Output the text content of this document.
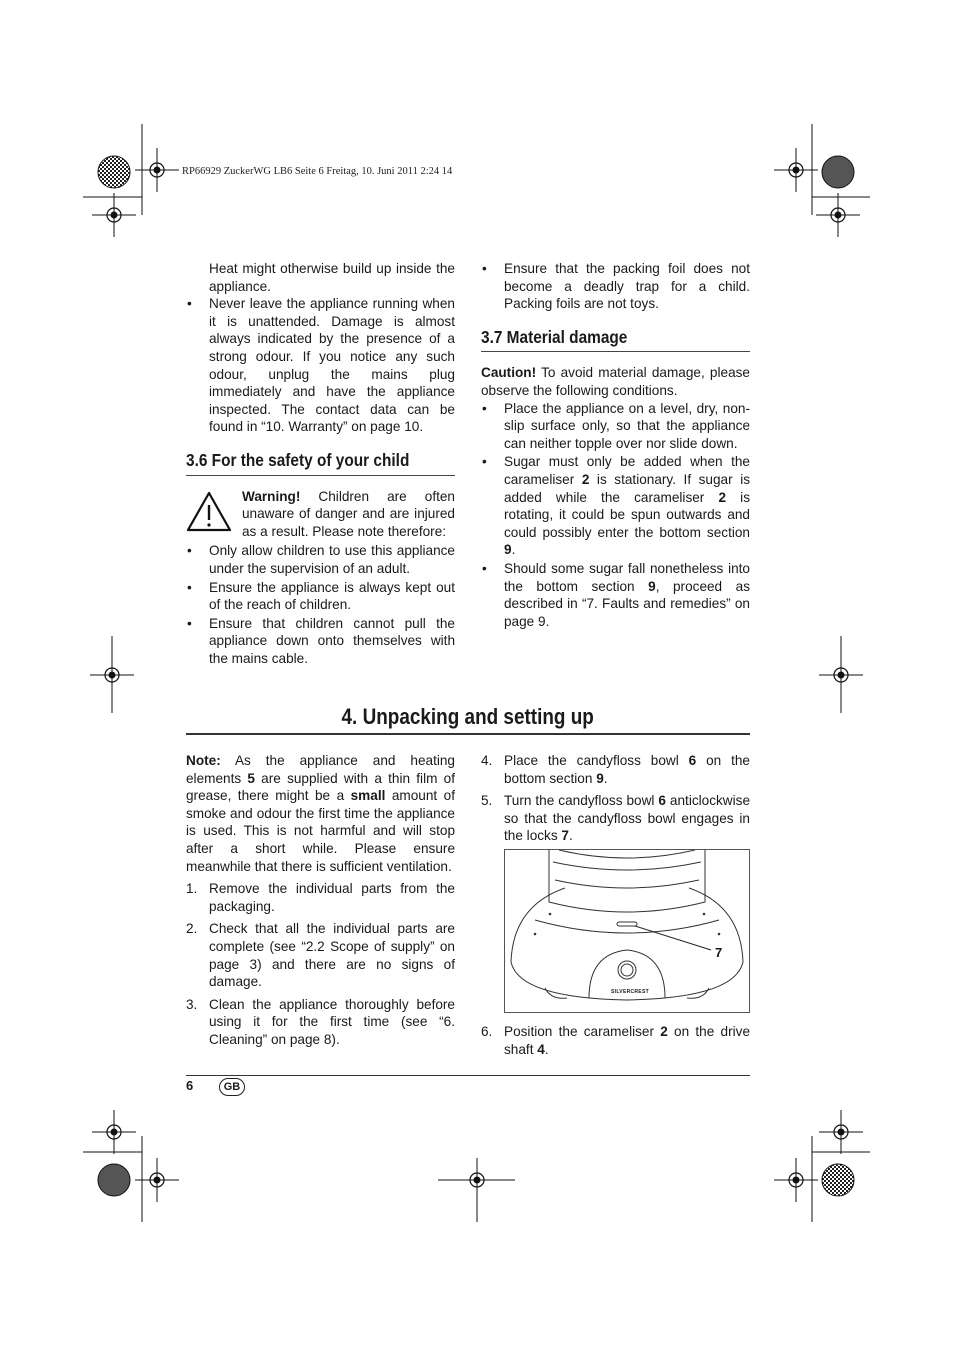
RP66929 ZuckerWG LB6 Seite 6 Freitag, 10. Juni 2011 2:24 14

Heat might otherwise build up inside the appliance.

• Never leave the appliance running when it is unattended. Damage is almost always indicated by the presence of a strong odour. If you notice any such odour, unplug the mains plug immediately and have the appliance inspected. The contact data can be found in “10. Warranty” on page 10.
3.6 For the safety of your child

Warning! Children are often unaware of danger and are injured as a result. Please note therefore:

• Only allow children to use this appliance under the supervision of an adult.
• Ensure the appliance is always kept out of the reach of children.
• Ensure that children cannot pull the appliance down onto themselves with the mains cable.
• Ensure that the packing foil does not become a deadly trap for a child. Packing foils are not toys.
3.7 Material damage

Caution! To avoid material damage, please observe the following conditions.

• Place the appliance on a level, dry, non-slip surface only, so that the appliance can neither topple over nor slide down.
• Sugar must only be added when the carameliser 2 is stationary. If sugar is added while the carameliser 2 is rotating, it could be spun outwards and could possibly enter the bottom section 9.
• Should some sugar fall nonetheless into the bottom section 9, proceed as described in “7. Faults and remedies” on page 9.
4. Unpacking and setting up

Note: As the appliance and heating elements 5 are supplied with a thin film of grease, there might be a small amount of smoke and odour the first time the appliance is used. This is not harmful and will stop after a short while. Please ensure meanwhile that there is sufficient ventilation.

1. Remove the individual parts from the packaging.
2. Check that all the individual parts are complete (see “2.2 Scope of supply” on page 3) and there are no signs of damage.
3. Clean the appliance thoroughly before using it for the first time (see “6. Cleaning” on page 8).
4. Place the candyfloss bowl 6 on the bottom section 9.
5. Turn the candyfloss bowl 6 anticlockwise so that the candyfloss bowl engages in the locks 7.
7
SILVERCREST
6. Position the carameliser 2 on the drive shaft 4.
6	GB
